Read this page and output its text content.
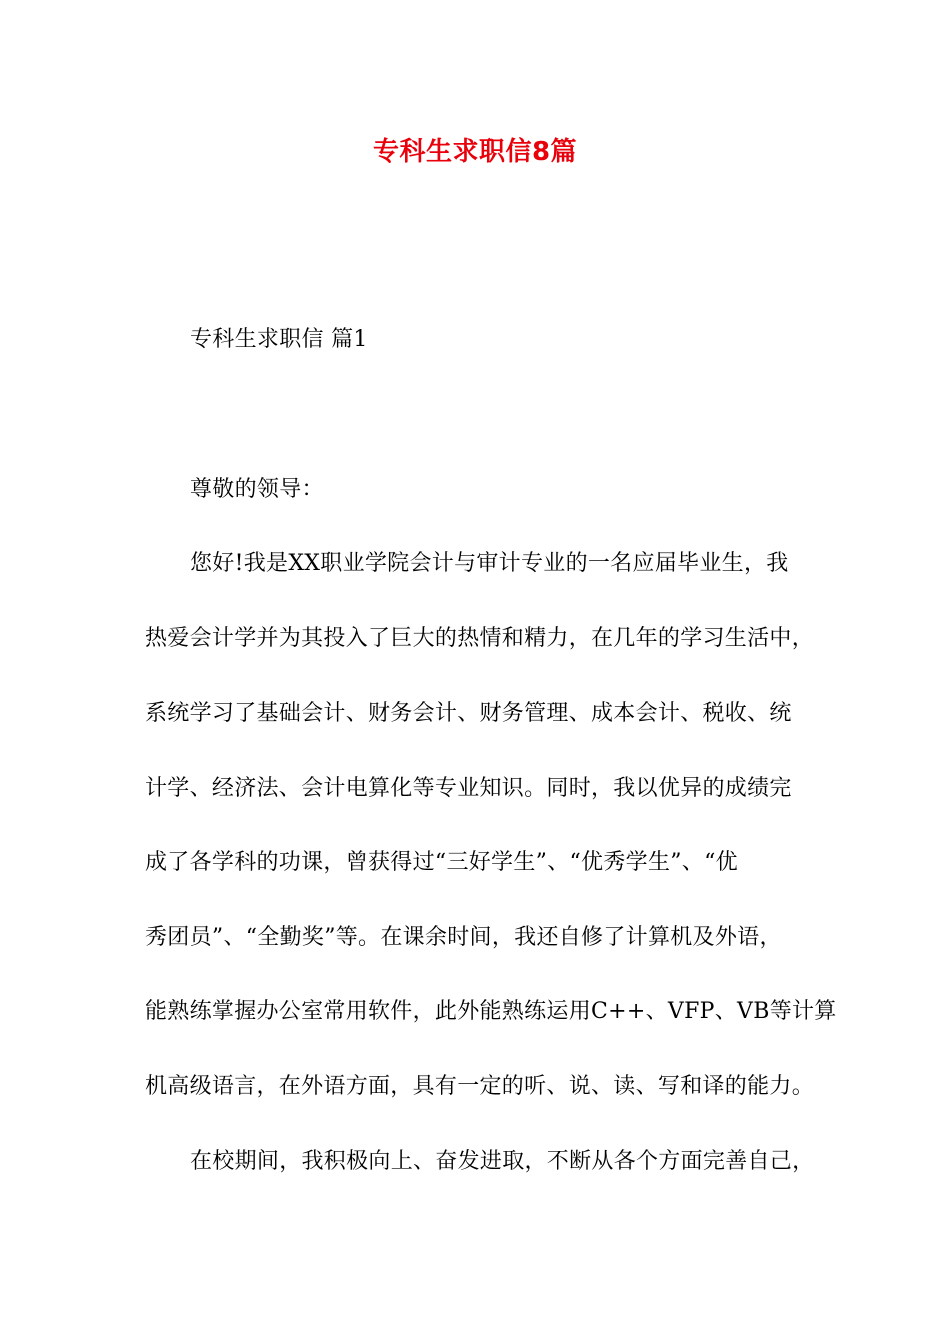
专科生求职信8篇
专科生求职信 篇1
尊敬的领导：
您好!我是XX职业学院会计与审计专业的一名应届毕业生，我
热爱会计学并为其投入了巨大的热情和精力，在几年的学习生活中，
系统学习了基础会计、财务会计、财务管理、成本会计、税收、统
计学、经济法、会计电算化等专业知识。同时，我以优异的成绩完
成了各学科的功课，曾获得过“三好学生”、“优秀学生”、“优
秀团员”、“全勤奖”等。在课余时间，我还自修了计算机及外语，
能熟练掌握办公室常用软件，此外能熟练运用C++、VFP、VB等计算
机高级语言，在外语方面，具有一定的听、说、读、写和译的能力。
在校期间，我积极向上、奋发进取，不断从各个方面完善自己，
